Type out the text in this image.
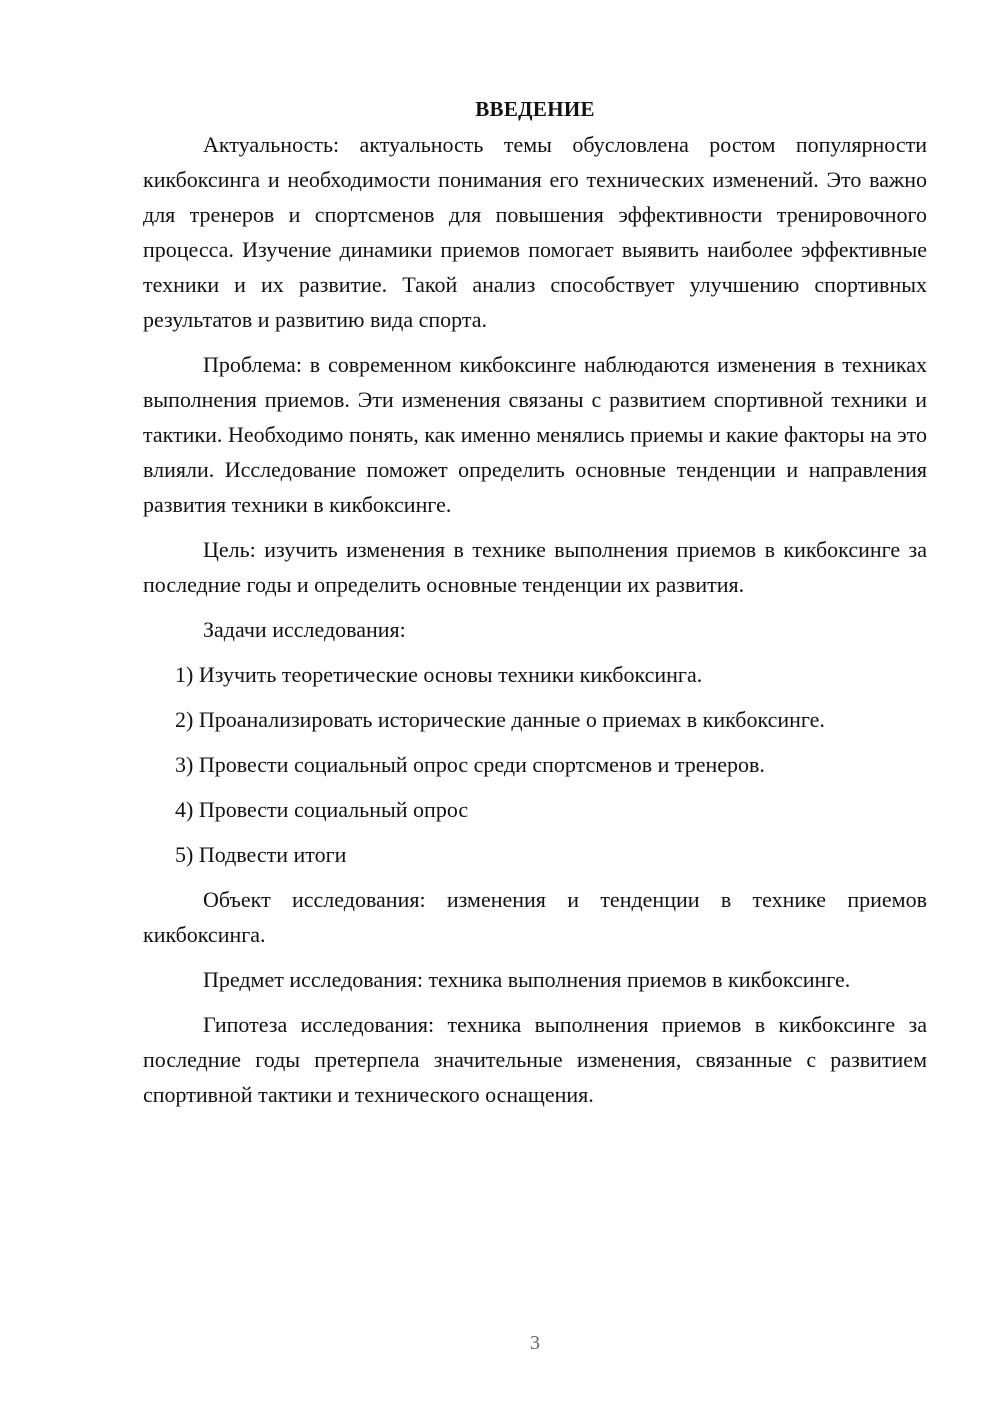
ВВЕДЕНИЕ

Актуальность: актуальность темы обусловлена ростом популярности кикбоксинга и необходимости понимания его технических изменений. Это важно для тренеров и спортсменов для повышения эффективности тренировочного процесса. Изучение динамики приемов помогает выявить наиболее эффективные техники и их развитие. Такой анализ способствует улучшению спортивных результатов и развитию вида спорта.

Проблема: в современном кикбоксинге наблюдаются изменения в техниках выполнения приемов. Эти изменения связаны с развитием спортивной техники и тактики. Необходимо понять, как именно менялись приемы и какие факторы на это влияли. Исследование поможет определить основные тенденции и направления развития техники в кикбоксинге.

Цель: изучить изменения в технике выполнения приемов в кикбоксинге за последние годы и определить основные тенденции их развития.

Задачи исследования:

1) Изучить теоретические основы техники кикбоксинга.

2) Проанализировать исторические данные о приемах в кикбоксинге.

3) Провести социальный опрос среди спортсменов и тренеров.

4) Провести социальный опрос

5) Подвести итоги

Объект исследования: изменения и тенденции в технике приемов кикбоксинга.

Предмет исследования: техника выполнения приемов в кикбоксинге.

Гипотеза исследования: техника выполнения приемов в кикбоксинге за последние годы претерпела значительные изменения, связанные с развитием спортивной тактики и технического оснащения.

3
